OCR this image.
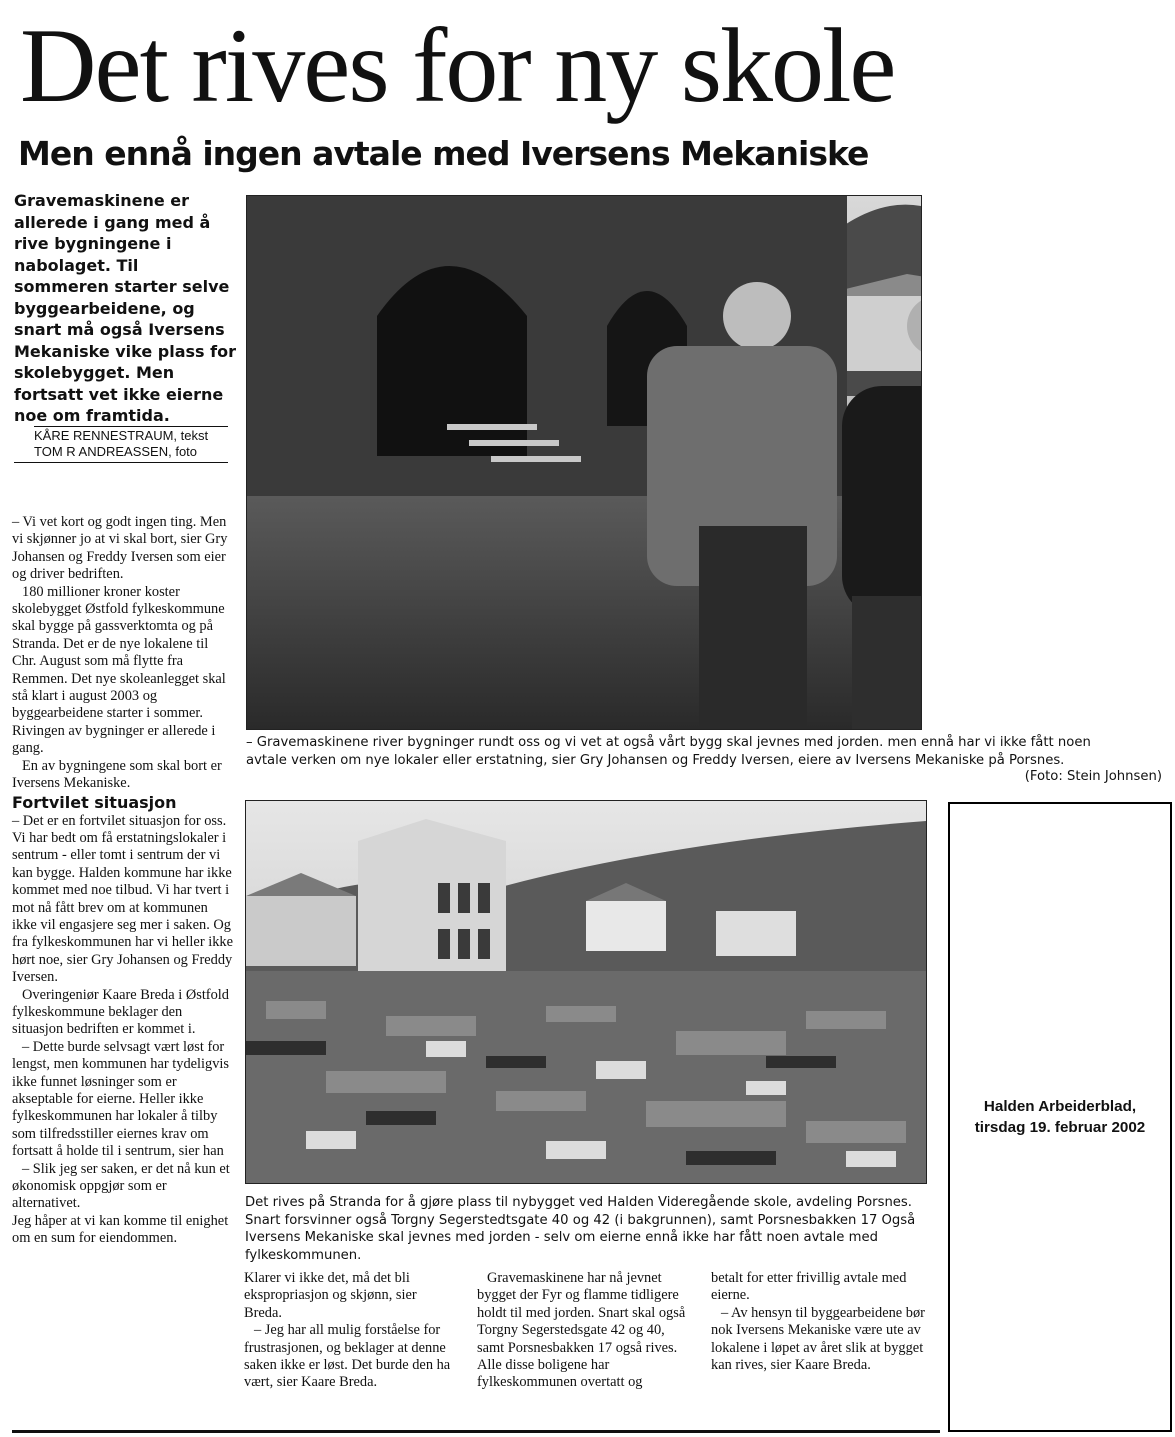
Det rives for ny skole
Men ennå ingen avtale med Iversens Mekaniske
Gravemaskinene er allerede i gang med å rive bygningene i nabolaget. Til sommeren starter selve byggearbeidene, og snart må også Iversens Mekaniske vike plass for skolebygget. Men fortsatt vet ikke eierne noe om framtida.
KÅRE RENNESTRAUM, tekst
TOM R ANDREASSEN, foto

– Vi vet kort og godt ingen ting. Men vi skjønner jo at vi skal bort, sier Gry Johansen og Freddy Iversen som eier og driver bedriften.

180 millioner kroner koster skolebygget Østfold fylkeskommune skal bygge på gassverktomta og på Stranda. Det er de nye lokalene til Chr. August som må flytte fra Remmen. Det nye skoleanlegget skal stå klart i august 2003 og byggearbeidene starter i sommer. Rivingen av bygninger er allerede i gang.

En av bygningene som skal bort er Iversens Mekaniske.

Fortvilet situasjon

– Det er en fortvilet situasjon for oss. Vi har bedt om få erstatningslokaler i sentrum - eller tomt i sentrum der vi kan bygge. Halden kommune har ikke kommet med noe tilbud. Vi har tvert i mot nå fått brev om at kommunen ikke vil engasjere seg mer i saken. Og fra fylkeskommunen har vi heller ikke hørt noe, sier Gry Johansen og Freddy Iversen.

Overingeniør Kaare Breda i Østfold fylkeskommune beklager den situasjon bedriften er kommet i.

– Dette burde selvsagt vært løst for lengst, men kommunen har tydeligvis ikke funnet løsninger som er akseptable for eierne. Heller ikke fylkeskommunen har lokaler å tilby som tilfredsstiller eiernes krav om fortsatt å holde til i sentrum, sier han

– Slik jeg ser saken, er det nå kun et økonomisk oppgjør som er alternativet.

Jeg håper at vi kan komme til enighet om en sum for eiendommen.

– Gravemaskinene river bygninger rundt oss og vi vet at også vårt bygg skal jevnes med jorden. men ennå har vi ikke fått noen avtale verken om nye lokaler eller erstatning, sier Gry Johansen og Freddy Iversen, eiere av Iversens Mekaniske på Porsnes.
(Foto: Stein Johnsen)
Det rives på Stranda for å gjøre plass til nybygget ved Halden Videregående skole, avdeling Porsnes. Snart forsvinner også Torgny Segerstedtsgate 40 og 42 (i bakgrunnen), samt Porsnesbakken 17 Også Iversens Mekaniske skal jevnes med jorden - selv om eierne ennå ikke har fått noen avtale med fylkeskommunen.

Klarer vi ikke det, må det bli ekspropriasjon og skjønn, sier Breda.

– Jeg har all mulig forståelse for frustrasjonen, og beklager at denne saken ikke er løst. Det burde den ha vært, sier Kaare Breda.

Gravemaskinene har nå jevnet bygget der Fyr og flamme tidligere holdt til med jorden. Snart skal også Torgny Segerstedsgate 42 og 40, samt Porsnesbakken 17 også rives. Alle disse boligene har fylkeskommunen overtatt og

betalt for etter frivillig avtale med eierne.

– Av hensyn til byggearbeidene bør nok Iversens Mekaniske være ute av lokalene i løpet av året slik at bygget kan rives, sier Kaare Breda.

Halden Arbeiderblad,
tirsdag 19. februar 2002
